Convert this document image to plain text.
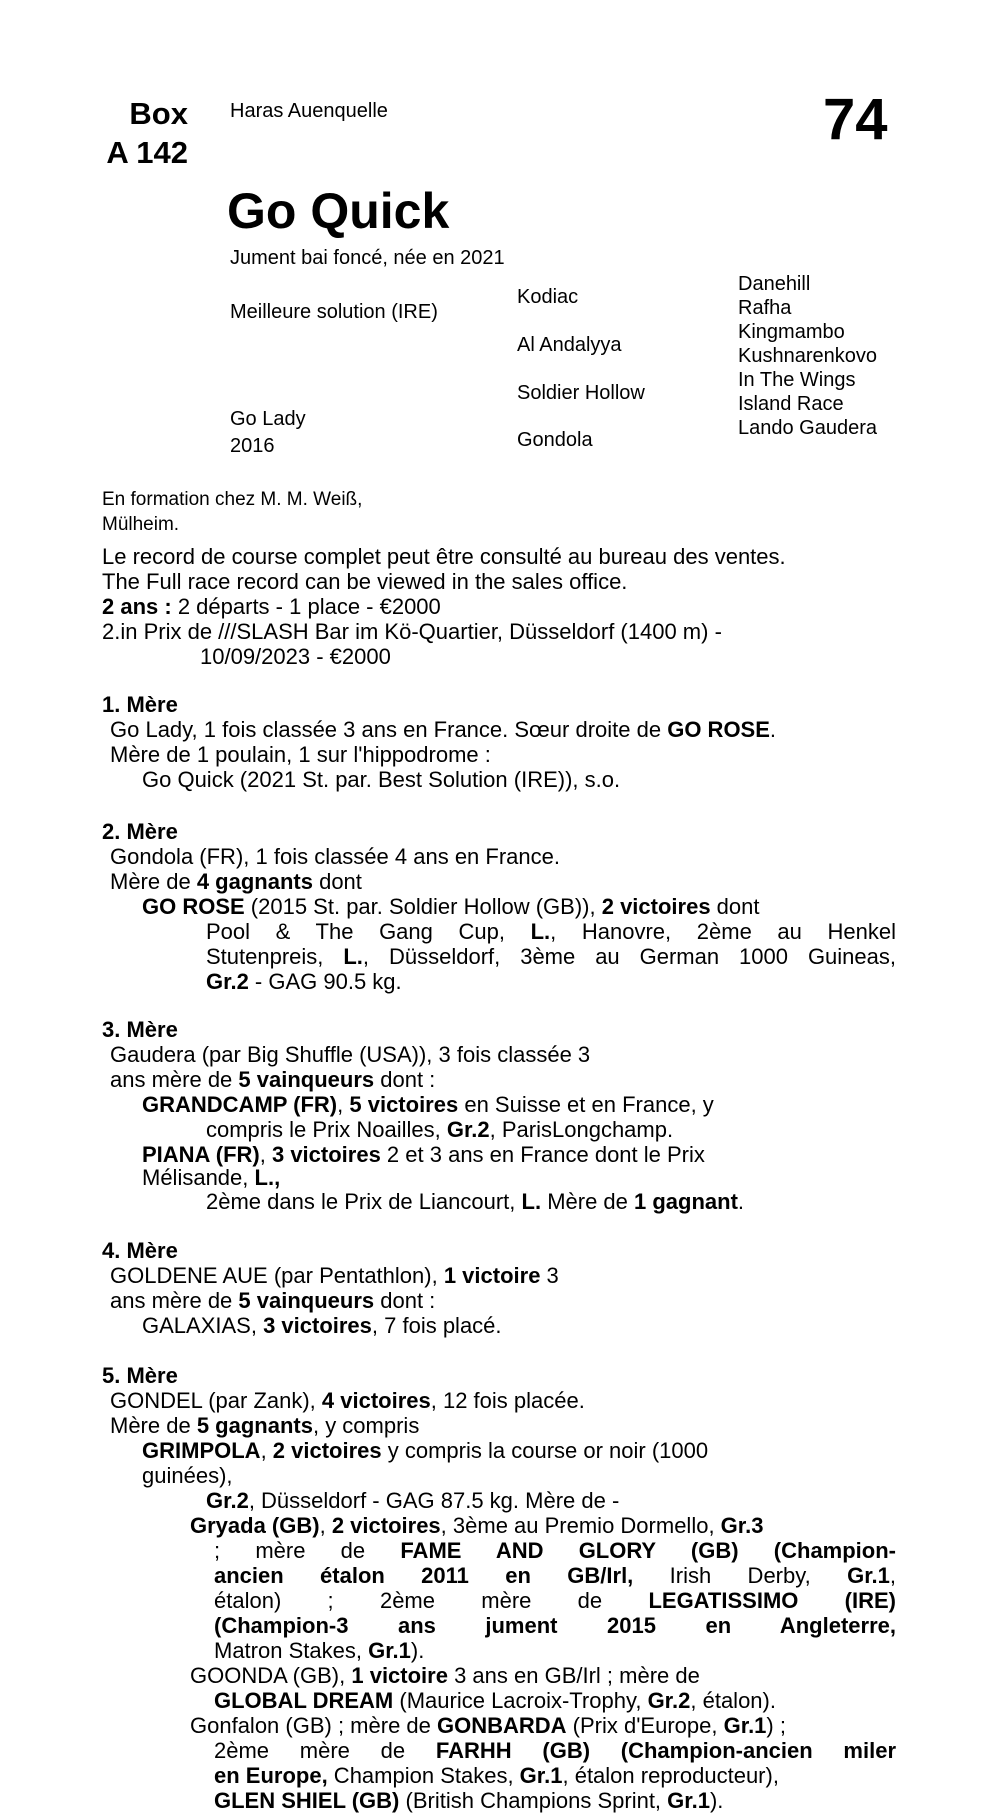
Box
A 142
Haras Auenquelle	74
Go Quick
Jument bai foncé, née en 2021
Meilleure solution (IRE)
Go Lady
2016
Kodiac
Al Andalyya
Soldier Hollow
Gondola
Danehill
Rafha
Kingmambo
Kushnarenkovo
In The Wings
Island Race
Lando Gaudera
En formation chez M. M. Weiß,
Mülheim.
Le record de course complet peut être consulté au bureau des ventes.
The Full race record can be viewed in the sales office.
2 ans : 2 départs - 1 place - €2000
2.in Prix de ///SLASH Bar im Kö-Quartier, Düsseldorf (1400 m) -
10/09/2023 - €2000
1. Mère
Go Lady, 1 fois classée 3 ans en France. Sœur droite de GO ROSE.
Mère de 1 poulain, 1 sur l'hippodrome :
Go Quick (2021 St. par. Best Solution (IRE)), s.o.
2. Mère
Gondola (FR), 1 fois classée 4 ans en France.
Mère de 4 gagnants dont
GO ROSE (2015 St. par. Soldier Hollow (GB)), 2 victoires dont
Pool & The Gang Cup, L., Hanovre, 2ème au Henkel
Stutenpreis, L., Düsseldorf, 3ème au German 1000 Guineas,
Gr.2 - GAG 90.5 kg.
3. Mère
Gaudera (par Big Shuffle (USA)), 3 fois classée 3
ans mère de 5 vainqueurs dont :
GRANDCAMP (FR), 5 victoires en Suisse et en France, y
compris le Prix Noailles, Gr.2, ParisLongchamp.
PIANA (FR), 3 victoires 2 et 3 ans en France dont le Prix
Mélisande, L.,
2ème dans le Prix de Liancourt, L. Mère de 1 gagnant.
4. Mère
GOLDENE AUE (par Pentathlon), 1 victoire 3
ans mère de 5 vainqueurs dont :
GALAXIAS, 3 victoires, 7 fois placé.
5. Mère
GONDEL (par Zank), 4 victoires, 12 fois placée.
Mère de 5 gagnants, y compris
GRIMPOLA, 2 victoires y compris la course or noir (1000
guinées),
Gr.2, Düsseldorf - GAG 87.5 kg. Mère de -
Gryada (GB), 2 victoires, 3ème au Premio Dormello, Gr.3
; mère de FAME AND GLORY (GB) (Champion-
ancien étalon 2011 en GB/Irl, Irish Derby, Gr.1,
étalon) ; 2ème mère de LEGATISSIMO (IRE)
(Champion-3 ans jument 2015 en Angleterre,
Matron Stakes, Gr.1).
GOONDA (GB), 1 victoire 3 ans en GB/Irl ; mère de
GLOBAL DREAM (Maurice Lacroix-Trophy, Gr.2, étalon).
Gonfalon (GB) ; mère de GONBARDA (Prix d'Europe, Gr.1) ;
2ème mère de FARHH (GB) (Champion-ancien miler
en Europe, Champion Stakes, Gr.1, étalon reproducteur),
GLEN SHIEL (GB) (British Champions Sprint, Gr.1).
